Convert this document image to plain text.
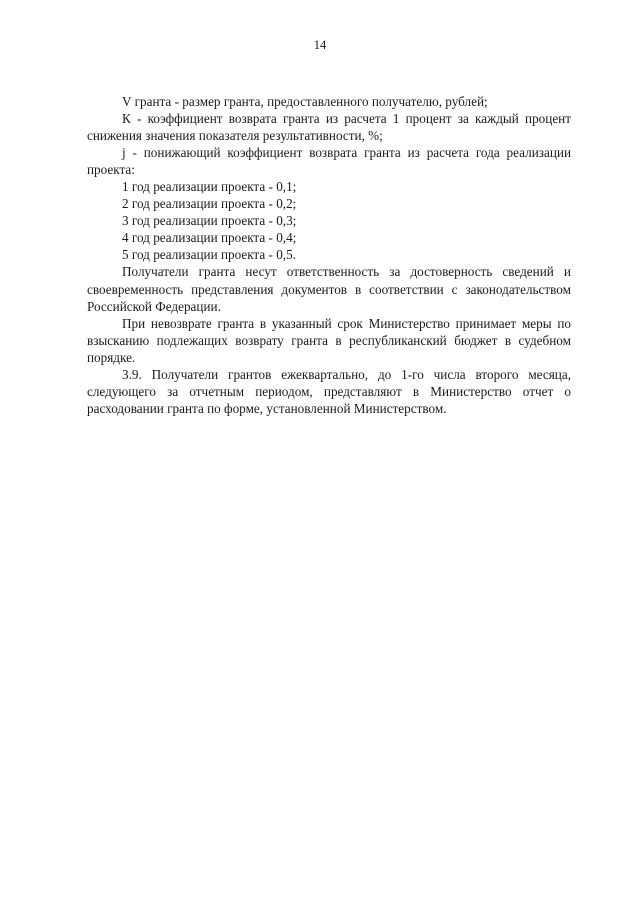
14

V гранта - размер гранта, предоставленного получателю, рублей;

К - коэффициент возврата гранта из расчета 1 процент за каждый процент снижения значения показателя результативности, %;

j - понижающий коэффициент возврата гранта из расчета года реализации проекта:

1 год реализации проекта - 0,1;

2 год реализации проекта - 0,2;

3 год реализации проекта - 0,3;

4 год реализации проекта - 0,4;

5 год реализации проекта - 0,5.

Получатели гранта несут ответственность за достоверность сведений и своевременность представления документов в соответствии с законодательством Российской Федерации.

При невозврате гранта в указанный срок Министерство принимает меры по взысканию подлежащих возврату гранта в республиканский бюджет в судебном порядке.

3.9. Получатели грантов ежеквартально, до 1-го числа второго месяца, следующего за отчетным периодом, представляют в Министерство отчет о расходовании гранта по форме, установленной Министерством.
